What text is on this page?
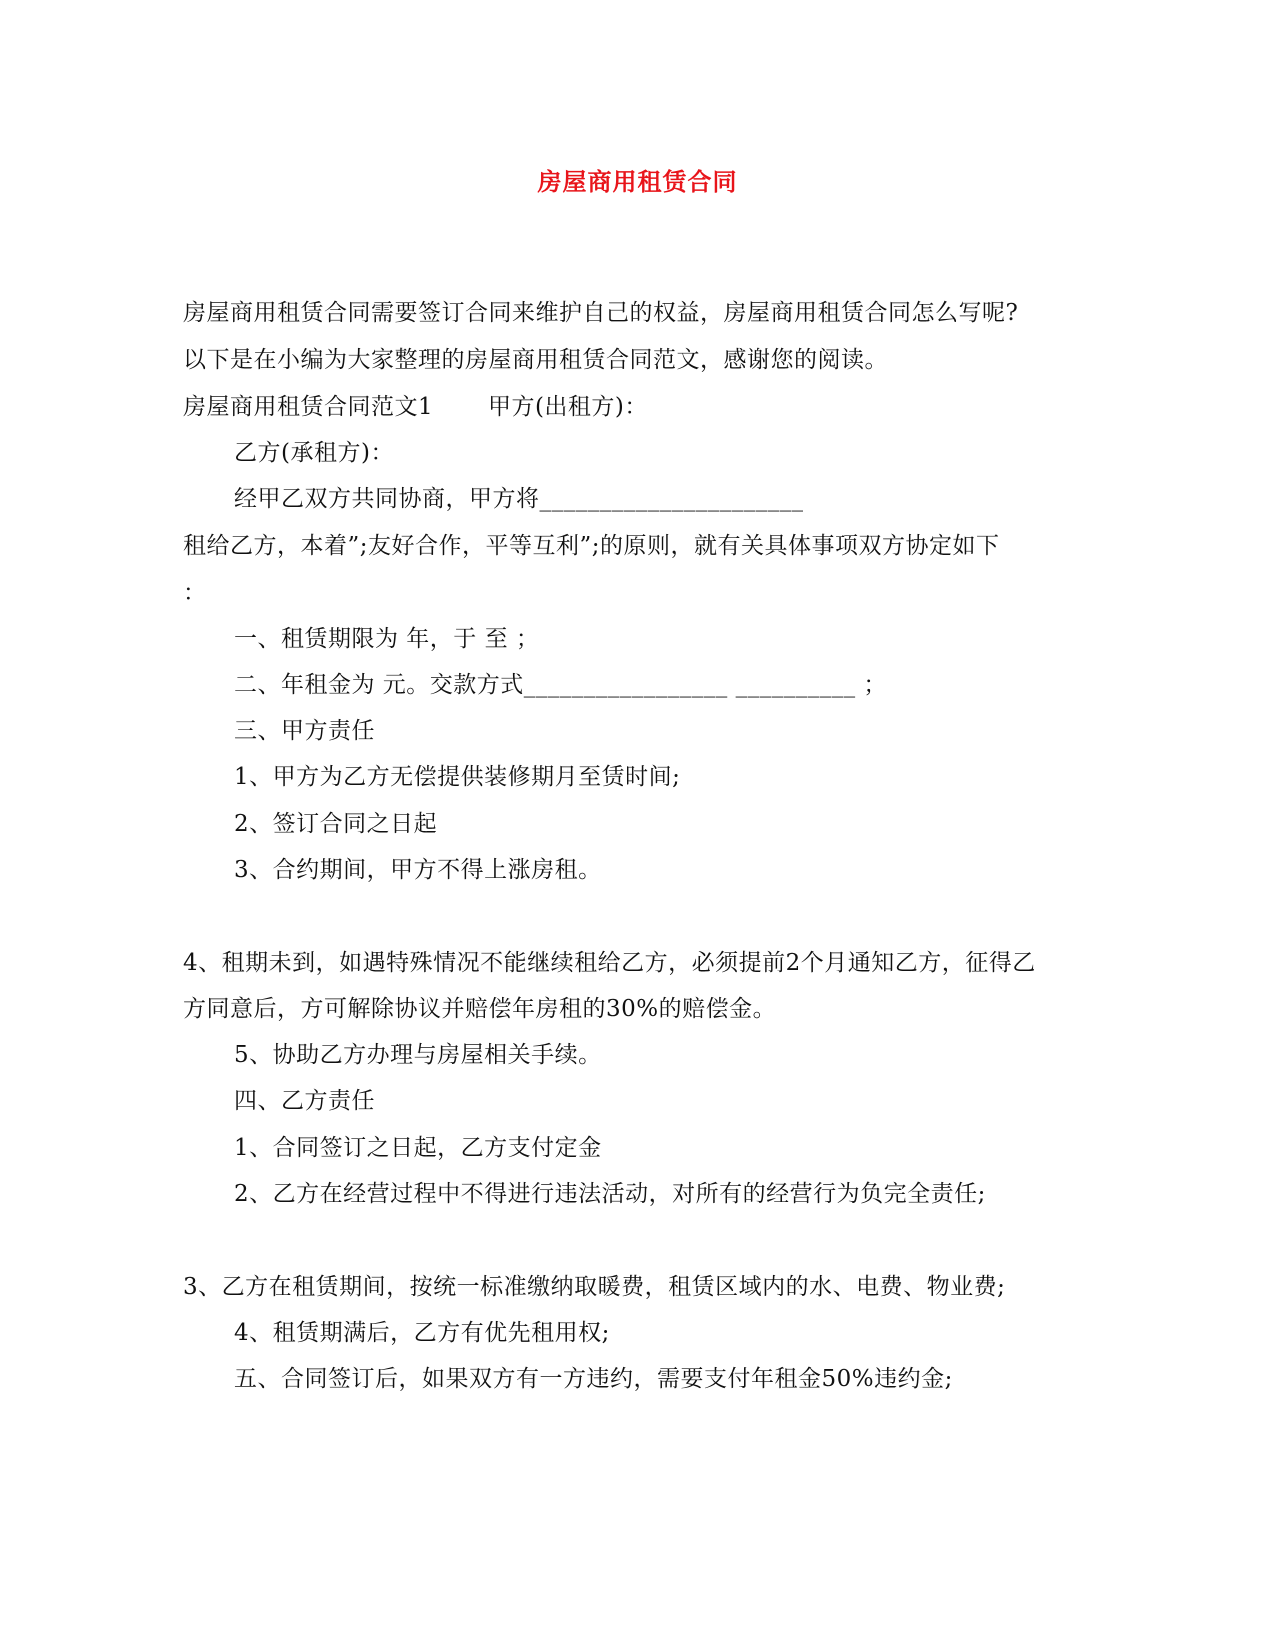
房屋商用租赁合同
房屋商用租赁合同需要签订合同来维护自己的权益，房屋商用租赁合同怎么写呢?
以下是在小编为大家整理的房屋商用租赁合同范文，感谢您的阅读。
房屋商用租赁合同范文1　　 甲方(出租方)：
乙方(承租方)：
经甲乙双方共同协商，甲方将______________________
租给乙方，本着”;友好合作，平等互利”;的原则，就有关具体事项双方协定如下
：
一、租赁期限为 年，于 至 ；
二、年租金为 元。交款方式_________________ __________ ；
三、甲方责任
1、甲方为乙方无偿提供装修期月至赁时间;
2、签订合同之日起
3、合约期间，甲方不得上涨房租。
4、租期未到，如遇特殊情况不能继续租给乙方，必须提前2个月通知乙方，征得乙
方同意后，方可解除协议并赔偿年房租的30%的赔偿金。
5、协助乙方办理与房屋相关手续。
四、乙方责任
1、合同签订之日起，乙方支付定金
2、乙方在经营过程中不得进行违法活动，对所有的经营行为负完全责任;
3、乙方在租赁期间，按统一标准缴纳取暖费，租赁区域内的水、电费、物业费;
4、租赁期满后，乙方有优先租用权;
五、合同签订后，如果双方有一方违约，需要支付年租金50%违约金;
